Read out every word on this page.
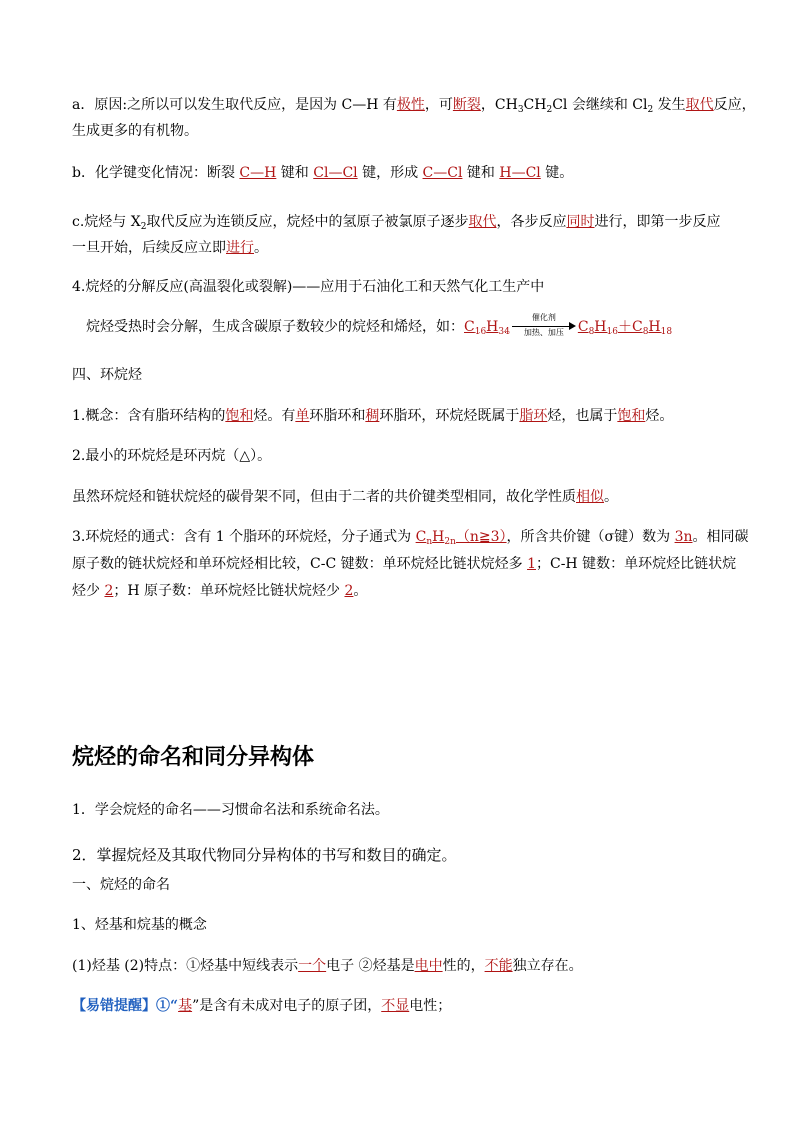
a．原因:之所以可以发生取代反应，是因为 C—H 有极性，可断裂，$CH_3CH_2Cl$ 会继续和 $Cl_2$ 发生取代反应，
生成更多的有机物。
b．化学键变化情况：断裂 C—H 键和 Cl—Cl 键，形成 C—Cl 键和 H—Cl 键。
c.烷烃与 $X_2$取代反应为连锁反应，烷烃中的氢原子被氯原子逐步取代，各步反应同时进行，即第一步反应
一旦开始，后续反应立即进行。
4.烷烃的分解反应(高温裂化或裂解)——应用于石油化工和天然气化工生产中
烷烃受热时会分解，生成含碳原子数较少的烷烃和烯烃，如：$C_{16}H_{34}$
催化剂
加热、加压	$C_8H_{16}+C_8H_{18}$
四、环烷烃
1.概念：含有脂环结构的饱和烃。有单环脂环和稠环脂环，环烷烃既属于脂环烃，也属于饱和烃。
2.最小的环烷烃是环丙烷（△）。
虽然环烷烃和链状烷烃的碳骨架不同，但由于二者的共价键类型相同，故化学性质相似。
3.环烷烃的通式：含有 1 个脂环的环烷烃，分子通式为 $C_nH_{2n}(n≧3)$，所含共价键（σ键）数为 3n。相同碳
原子数的链状烷烃和单环烷烃相比较，C-C 键数：单环烷烃比链状烷烃多 1；C-H 键数：单环烷烃比链状烷
烃少 2；H 原子数：单环烷烃比链状烷烃少 2。
烷烃的命名和同分异构体
1．学会烷烃的命名——习惯命名法和系统命名法。
2．掌握烷烃及其取代物同分异构体的书写和数目的确定。
一、烷烃的命名
1、烃基和烷基的概念
(1)烃基 (2)特点：①烃基中短线表示一个电子 ②烃基是电中性的，不能独立存在。
【易错提醒】①“基”是含有未成对电子的原子团，不显电性；
